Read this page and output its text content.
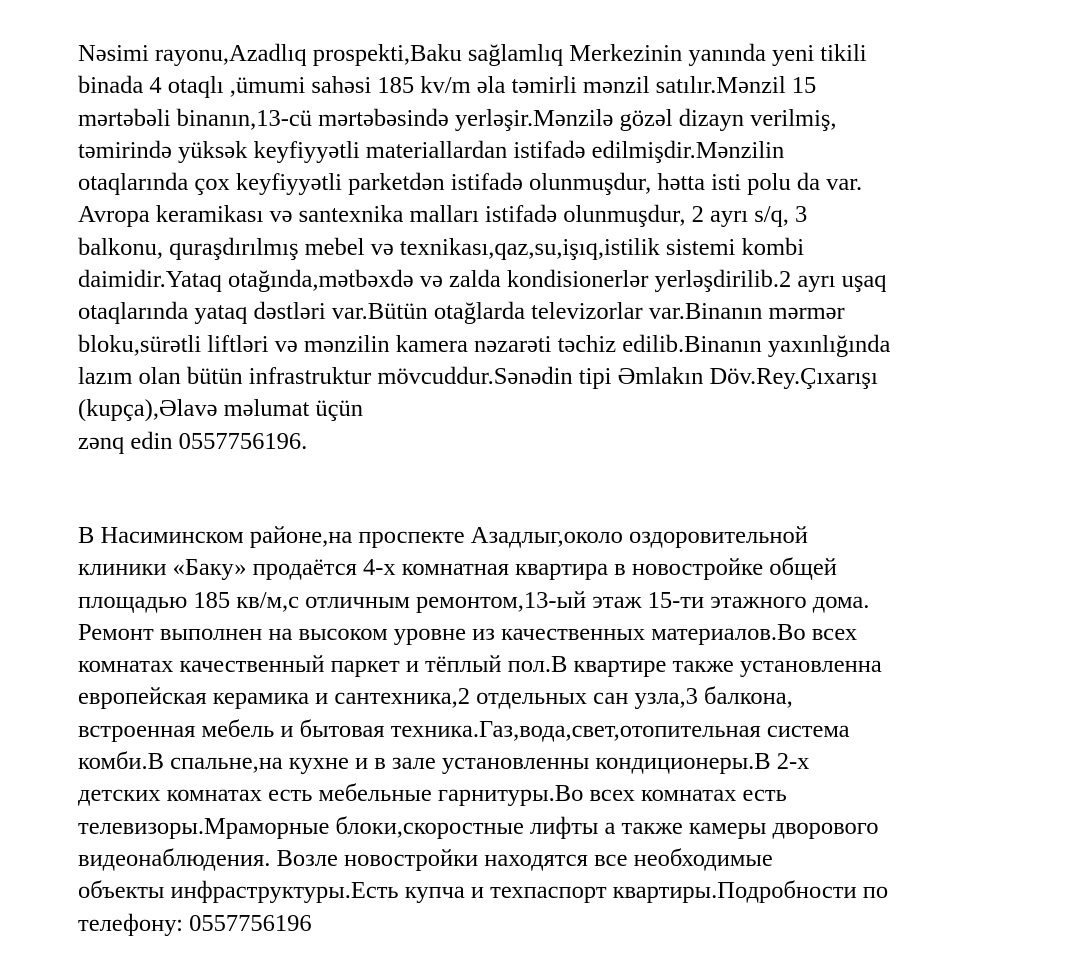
Nəsimi rayonu,Azadlıq prospekti,Baku sağlamlıq Merkezinin yanında yeni tikili
binada 4 otaqlı ,ümumi sahəsi 185 kv/m əla təmirli mənzil satılır.Mənzil 15
mərtəbəli binanın,13-cü mərtəbəsində yerləşir.Mənzilə gözəl dizayn verilmiş,
təmirində yüksək keyfiyyətli materiallardan istifadə edilmişdir.Mənzilin
otaqlarında çox keyfiyyətli parketdən istifadə olunmuşdur, hətta isti polu da var.
Avropa keramikası və santexnika malları istifadə olunmuşdur, 2 ayrı s/q, 3
balkonu, quraşdırılmış mebel və texnikası,qaz,su,işıq,istilik sistemi kombi
daimidir.Yataq otağında,mətbəxdə və zalda kondisionerlər yerləşdirilib.2 ayrı uşaq
otaqlarında yataq dəstləri var.Bütün otağlarda televizorlar var.Binanın mərmər
bloku,sürətli liftləri və mənzilin kamera nəzarəti təchiz edilib.Binanın yaxınlığında
lazım olan bütün infrastruktur mövcuddur.Sənədin tipi Əmlakın Döv.Rey.Çıxarışı
(kupça),Əlavə məlumat üçün
zənq edin 0557756196.

В Насиминском районе,на проспекте Азадлыг,около оздоровительной
клиники «Баку» продаётся 4-х комнатная квартира в новостройке общей
площадью 185 кв/м,с отличным ремонтом,13-ый этаж 15-ти этажного дома.
Ремонт выполнен на высоком уровне из качественных материалов.Во всех
комнатах качественный паркет и тёплый пол.В квартире также установленна
европейская керамика и сантехника,2 отдельных сан узла,3 балкона,
встроенная мебель и бытовая техника.Газ,вода,свет,отопительная система
комби.В спальне,на кухне и в зале установленны кондиционеры.В 2-х
детских комнатах есть мебельные гарнитуры.Во всех комнатах есть
телевизоры.Мраморные блоки,скоростные лифты а также камеры дворового
видеонаблюдения. Возле новостройки находятся все необходимые
объекты инфраструктуры.Есть купча и техпаспорт квартиры.Подробности по
телефону: 0557756196
